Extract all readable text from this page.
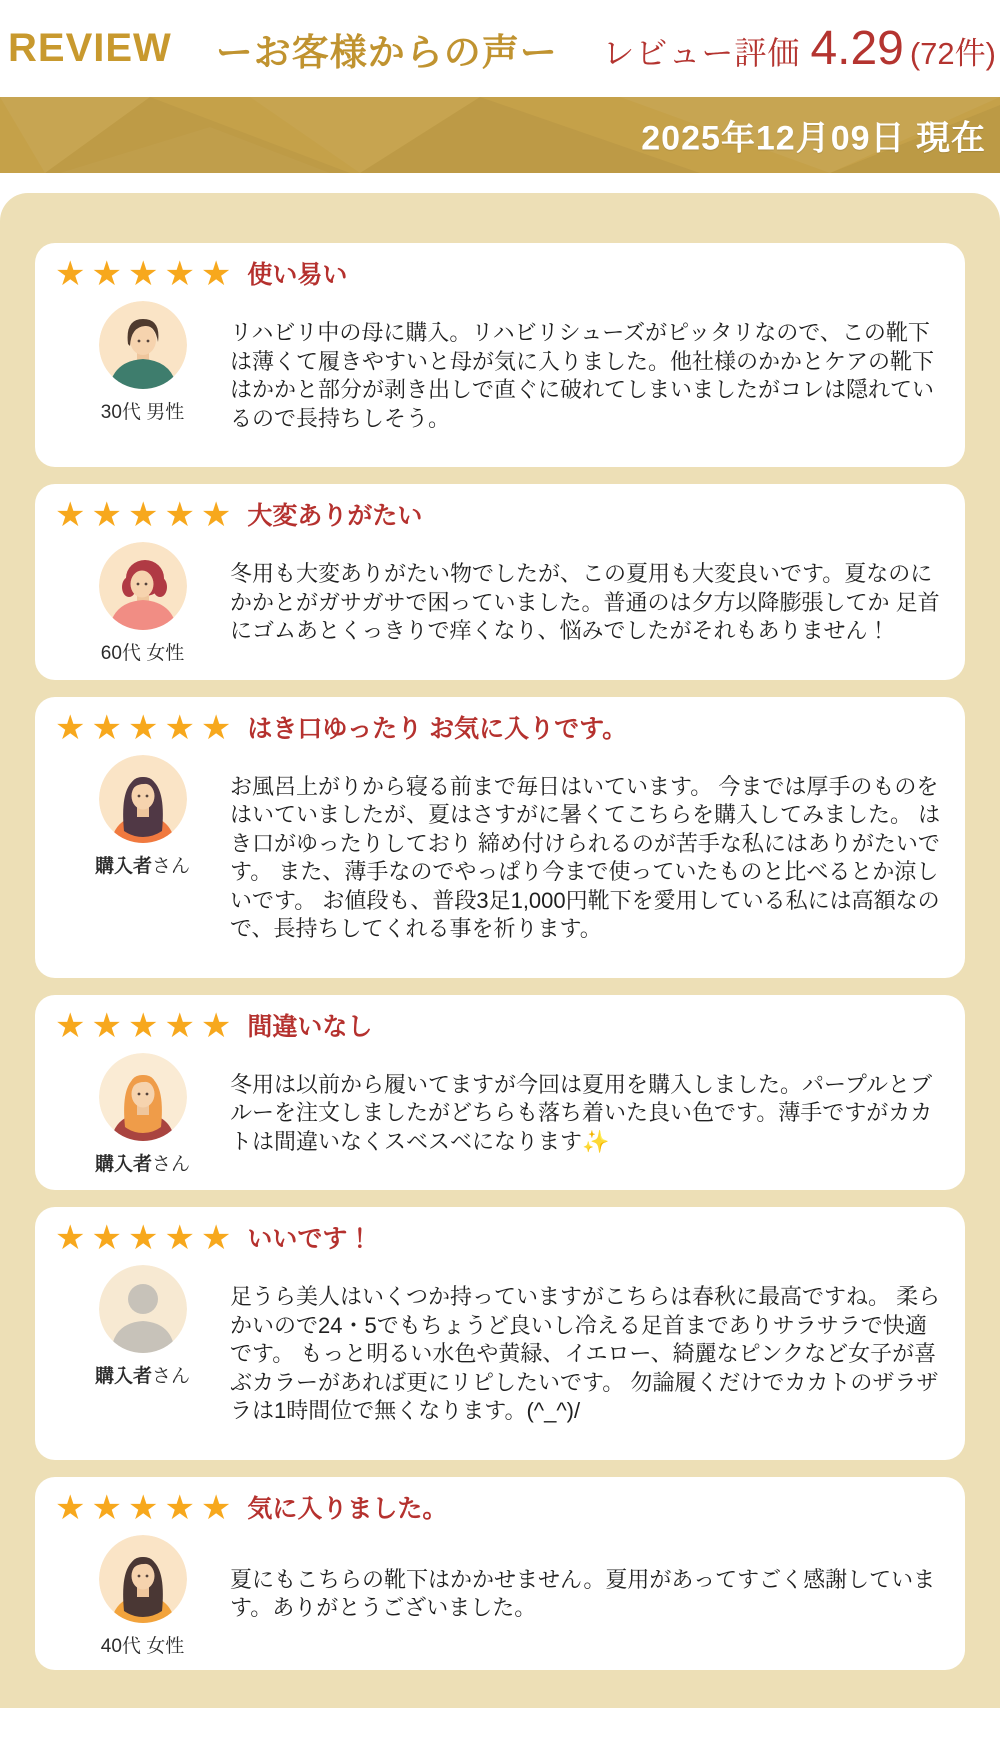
REVIEW ーお客様からの声ー レビュー評価 4.29 (72件)
2025年12月09日 現在
★★★★★ 使い易い
30代 男性

リハビリ中の母に購入。リハビリシューズがピッタリなので、この靴下は薄くて履きやすいと母が気に入りました。他社様のかかとケアの靴下はかかと部分が剥き出しで直ぐに破れてしまいましたがコレは隠れているので長持ちしそう。

★★★★★ 大変ありがたい
60代 女性

冬用も大変ありがたい物でしたが、この夏用も大変良いです。夏なのにかかとがガサガサで困っていました。普通のは夕方以降膨張してか 足首にゴムあとくっきりで痒くなり、悩みでしたがそれもありません！

★★★★★ はき口ゆったり お気に入りです。
購入者さん

お風呂上がりから寝る前まで毎日はいています。 今までは厚手のものをはいていましたが、夏はさすがに暑くてこちらを購入してみました。 はき口がゆったりしており 締め付けられるのが苦手な私にはありがたいです。 また、薄手なのでやっぱり今まで使っていたものと比べるとか涼しいです。 お値段も、普段3足1,000円靴下を愛用している私には高額なので、長持ちしてくれる事を祈ります。

★★★★★ 間違いなし
購入者さん

冬用は以前から履いてますが今回は夏用を購入しました。パープルとブルーを注文しましたがどちらも落ち着いた良い色です。薄手ですがカカトは間違いなくスベスベになります✨

★★★★★ いいです！
購入者さん

足うら美人はいくつか持っていますがこちらは春秋に最高ですね。 柔らかいので24・5でもちょうど良いし冷える足首までありサラサラで快適です。 もっと明るい水色や黄緑、イエロー、綺麗なピンクなど女子が喜ぶカラーがあれば更にリピしたいです。 勿論履くだけでカカトのザラザラは1時間位で無くなります。(^_^)/

★★★★★ 気に入りました。
40代 女性

夏にもこちらの靴下はかかせません。夏用があってすごく感謝しています。ありがとうございました。
